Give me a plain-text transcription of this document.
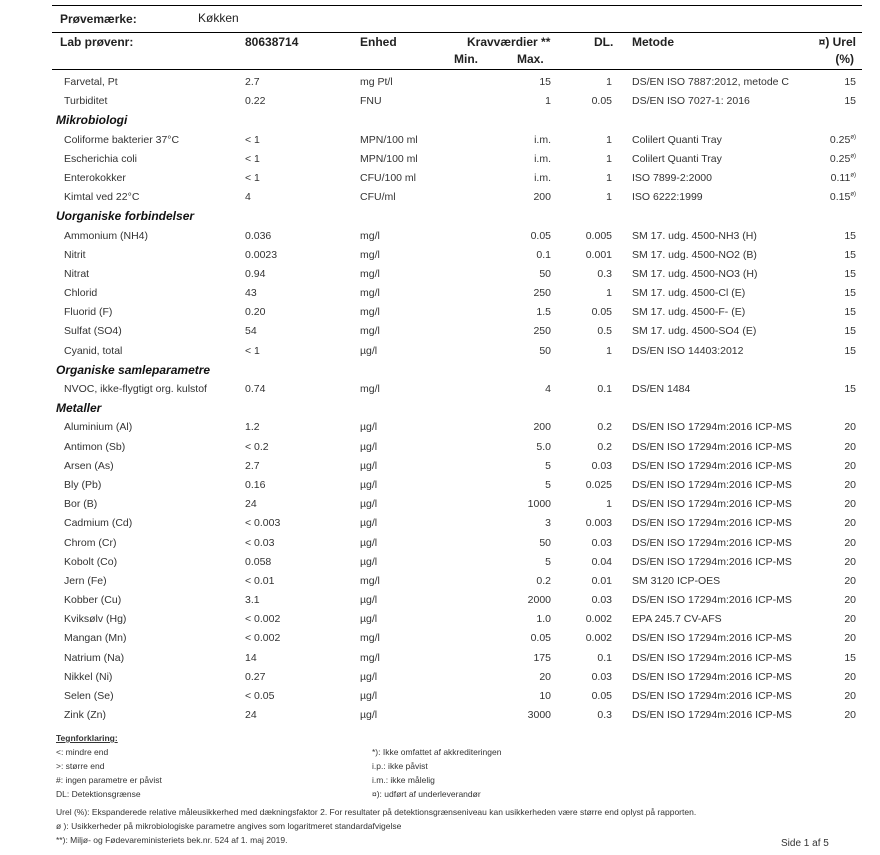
Prøvemærke:	Køkken
Lab prøvenr:	80638714	Enhed	Kravværdier **
Min.	Max.
DL. Metode	¤) Urel
(%)
Farvetal, Pt	2.7	mg Pt/l	15	1 DS/EN ISO 7887:2012, metode C	15
Turbiditet	0.22	FNU	1	0.05 DS/EN ISO 7027-1: 2016	15
Mikrobiologi
Coliforme bakterier 37°C	< 1	MPN/100 ml	i.m.	1 Colilert Quanti Tray	$0.25^{ø)}$
Escherichia coli	< 1	MPN/100 ml	i.m.	1 Colilert Quanti Tray	$0.25^{ø)}$
Enterokokker	< 1	CFU/100 ml	i.m.	1 ISO 7899-2:2000	$0.11^{ø)}$
Kimtal ved 22°C	4	CFU/ml	200	1 ISO 6222:1999	$0.15^{ø)}$
Uorganiske forbindelser
Ammonium (NH4)	0.036	mg/l	0.05	0.005 SM 17. udg. 4500-NH3 (H)	15
Nitrit	0.0023	mg/l	0.1	0.001 SM 17. udg. 4500-NO2 (B)	15
Nitrat	0.94	mg/l	50	0.3 SM 17. udg. 4500-NO3 (H)	15
Chlorid	43	mg/l	250	1 SM 17. udg. 4500-Cl (E)	15
Fluorid (F)	0.20	mg/l	1.5	0.05 SM 17. udg. 4500-F- (E)	15
Sulfat (SO4)	54	mg/l	250	0.5 SM 17. udg. 4500-SO4 (E)	15
Cyanid, total	< 1	µg/l	50	1 DS/EN ISO 14403:2012	15
Organiske samleparametre
NVOC, ikke-flygtigt org. kulstof	0.74	mg/l	4	0.1 DS/EN 1484	15
Metaller
Aluminium (Al)	1.2	µg/l	200	0.2 DS/EN ISO 17294m:2016 ICP-MS	20
Antimon (Sb)	< 0.2	µg/l	5.0	0.2 DS/EN ISO 17294m:2016 ICP-MS	20
Arsen (As)	2.7	µg/l	5	0.03 DS/EN ISO 17294m:2016 ICP-MS	20
Bly (Pb)	0.16	µg/l	5	0.025 DS/EN ISO 17294m:2016 ICP-MS	20
Bor (B)	24	µg/l	1000	1 DS/EN ISO 17294m:2016 ICP-MS	20
Cadmium (Cd)	< 0.003	µg/l	3	0.003 DS/EN ISO 17294m:2016 ICP-MS	20
Chrom (Cr)	< 0.03	µg/l	50	0.03 DS/EN ISO 17294m:2016 ICP-MS	20
Kobolt (Co)	0.058	µg/l	5	0.04 DS/EN ISO 17294m:2016 ICP-MS	20
Jern (Fe)	< 0.01	mg/l	0.2	0.01 SM 3120 ICP-OES	20
Kobber (Cu)	3.1	µg/l	2000	0.03 DS/EN ISO 17294m:2016 ICP-MS	20
Kviksølv (Hg)	< 0.002	µg/l	1.0	0.002 EPA 245.7 CV-AFS	20
Mangan (Mn)	< 0.002	mg/l	0.05	0.002 DS/EN ISO 17294m:2016 ICP-MS	20
Natrium (Na)	14	mg/l	175	0.1 DS/EN ISO 17294m:2016 ICP-MS	15
Nikkel (Ni)	0.27	µg/l	20	0.03 DS/EN ISO 17294m:2016 ICP-MS	20
Selen (Se)	< 0.05	µg/l	10	0.05 DS/EN ISO 17294m:2016 ICP-MS	20
Zink (Zn)	24	µg/l	3000	0.3 DS/EN ISO 17294m:2016 ICP-MS	20
Tegnforklaring:
<: mindre end
>: større end
#: ingen parametre er påvist
DL: Detektionsgrænse
*): Ikke omfattet af akkrediteringen
i.p.: ikke påvist
i.m.: ikke målelig
¤): udført af underleverandør
Urel (%): Ekspanderede relative måleusikkerhed med dækningsfaktor 2. For resultater på detektionsgrænseniveau kan usikkerheden være større end oplyst på rapporten.
ø ): Usikkerheder på mikrobiologiske parametre angives som logaritmeret standardafvigelse
**): Miljø- og Fødevareministeriets bek.nr. 524 af 1. maj 2019.	Side 1 af 5
